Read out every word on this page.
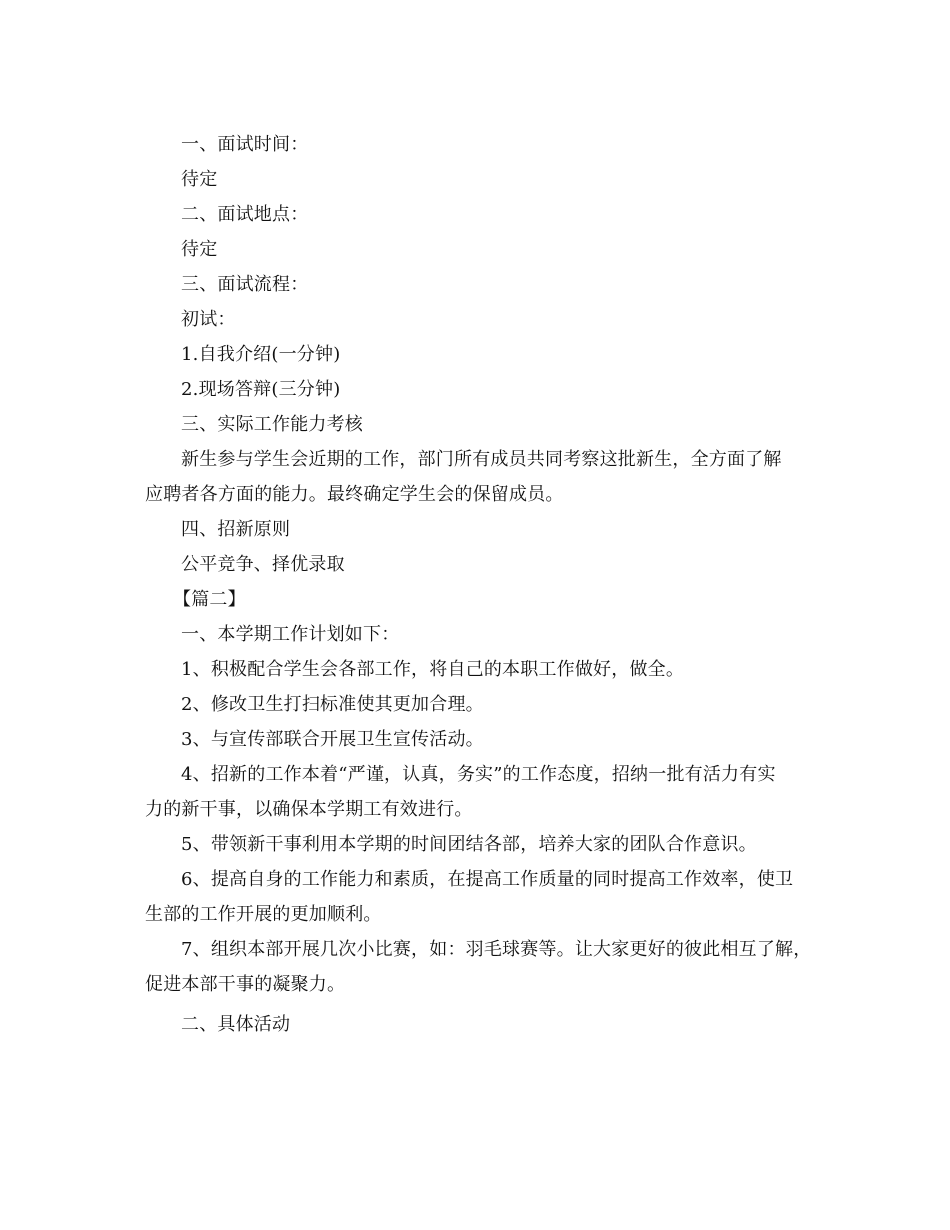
一、面试时间：
待定
二、面试地点：
待定
三、面试流程：
初试：
1.自我介绍(一分钟)
2.现场答辩(三分钟)
三、实际工作能力考核
新生参与学生会近期的工作，部门所有成员共同考察这批新生，全方面了解
应聘者各方面的能力。最终确定学生会的保留成员。
四、招新原则
公平竞争、择优录取
【篇二】
一、本学期工作计划如下：
1、积极配合学生会各部工作，将自己的本职工作做好，做全。
2、修改卫生打扫标准使其更加合理。
3、与宣传部联合开展卫生宣传活动。
4、招新的工作本着“严谨，认真，务实”的工作态度，招纳一批有活力有实
力的新干事，以确保本学期工有效进行。
5、带领新干事利用本学期的时间团结各部，培养大家的团队合作意识。
6、提高自身的工作能力和素质，在提高工作质量的同时提高工作效率，使卫
生部的工作开展的更加顺利。
7、组织本部开展几次小比赛，如：羽毛球赛等。让大家更好的彼此相互了解，
促进本部干事的凝聚力。
二、具体活动
